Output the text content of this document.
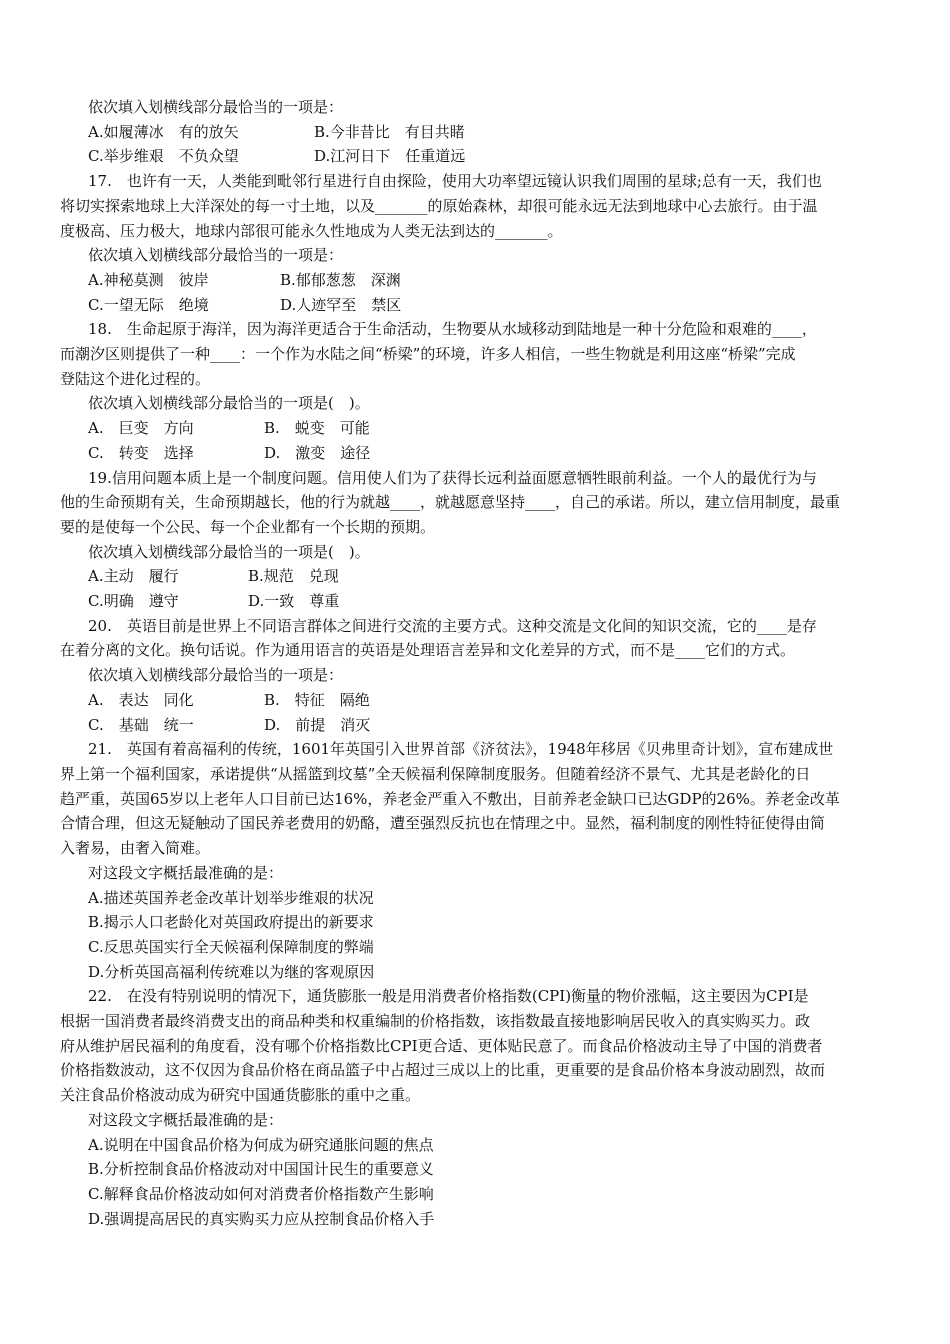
依次填入划横线部分最恰当的一项是：
A.如履薄冰　有的放矢	B.今非昔比　有目共睹
C.举步维艰　不负众望	D.江河日下　任重道远
17.　也许有一天，人类能到毗邻行星进行自由探险，使用大功率望远镜认识我们周围的星球;总有一天，我们也
将切实探索地球上大洋深处的每一寸土地，以及_______的原始森林，却很可能永远无法到地球中心去旅行。由于温
度极高、压力极大，地球内部很可能永久性地成为人类无法到达的_______。
依次填入划横线部分最恰当的一项是：
A.神秘莫测　彼岸	B.郁郁葱葱　深渊
C.一望无际　绝境	D.人迹罕至　禁区
18.　生命起原于海洋，因为海洋更适合于生命活动，生物要从水域移动到陆地是一种十分危险和艰难的____，
而潮汐区则提供了一种____：一个作为水陆之间“桥梁”的环境，许多人相信，一些生物就是利用这座“桥梁”完成
登陆这个进化过程的。
依次填入划横线部分最恰当的一项是(　)。
A.　巨变　方向	B.　蜕变　可能
C.　转变　选择	D.　激变　途径
19.信用问题本质上是一个制度问题。信用使人们为了获得长远利益面愿意牺牲眼前利益。一个人的最优行为与
他的生命预期有关，生命预期越长，他的行为就越____，就越愿意坚持____，自己的承诺。所以，建立信用制度，最重
要的是使每一个公民、每一个企业都有一个长期的预期。
依次填入划横线部分最恰当的一项是(　)。
A.主动　履行	B.规范　兑现
C.明确　遵守	D.一致　尊重
20.　英语目前是世界上不同语言群体之间进行交流的主要方式。这种交流是文化间的知识交流，它的____是存
在着分离的文化。换句话说。作为通用语言的英语是处理语言差异和文化差异的方式，而不是____它们的方式。
依次填入划横线部分最恰当的一项是：
A.　表达　同化	B.　特征　隔绝
C.　基础　统一	D.　前提　消灭
21.　英国有着高福利的传统，1601年英国引入世界首部《济贫法》，1948年移居《贝弗里奇计划》，宣布建成世
界上第一个福利国家，承诺提供“从摇篮到坟墓”全天候福利保障制度服务。但随着经济不景气、尤其是老龄化的日
趋严重，英国65岁以上老年人口目前已达16%，养老金严重入不敷出，目前养老金缺口已达GDP的26%。养老金改革
合情合理，但这无疑触动了国民养老费用的奶酪，遭至强烈反抗也在情理之中。显然，福利制度的刚性特征使得由简
入奢易，由奢入简难。
对这段文字概括最准确的是：
A.描述英国养老金改革计划举步维艰的状况
B.揭示人口老龄化对英国政府提出的新要求
C.反思英国实行全天候福利保障制度的弊端
D.分析英国高福利传统难以为继的客观原因
22.　在没有特别说明的情况下，通货膨胀一般是用消费者价格指数(CPI)衡量的物价涨幅，这主要因为CPI是
根据一国消费者最终消费支出的商品种类和权重编制的价格指数，该指数最直接地影响居民收入的真实购买力。政
府从维护居民福利的角度看，没有哪个价格指数比CPI更合适、更体贴民意了。而食品价格波动主导了中国的消费者
价格指数波动，这不仅因为食品价格在商品篮子中占超过三成以上的比重，更重要的是食品价格本身波动剧烈，故而
关注食品价格波动成为研究中国通货膨胀的重中之重。
对这段文字概括最准确的是：
A.说明在中国食品价格为何成为研究通胀问题的焦点
B.分析控制食品价格波动对中国国计民生的重要意义
C.解释食品价格波动如何对消费者价格指数产生影响
D.强调提高居民的真实购买力应从控制食品价格入手
